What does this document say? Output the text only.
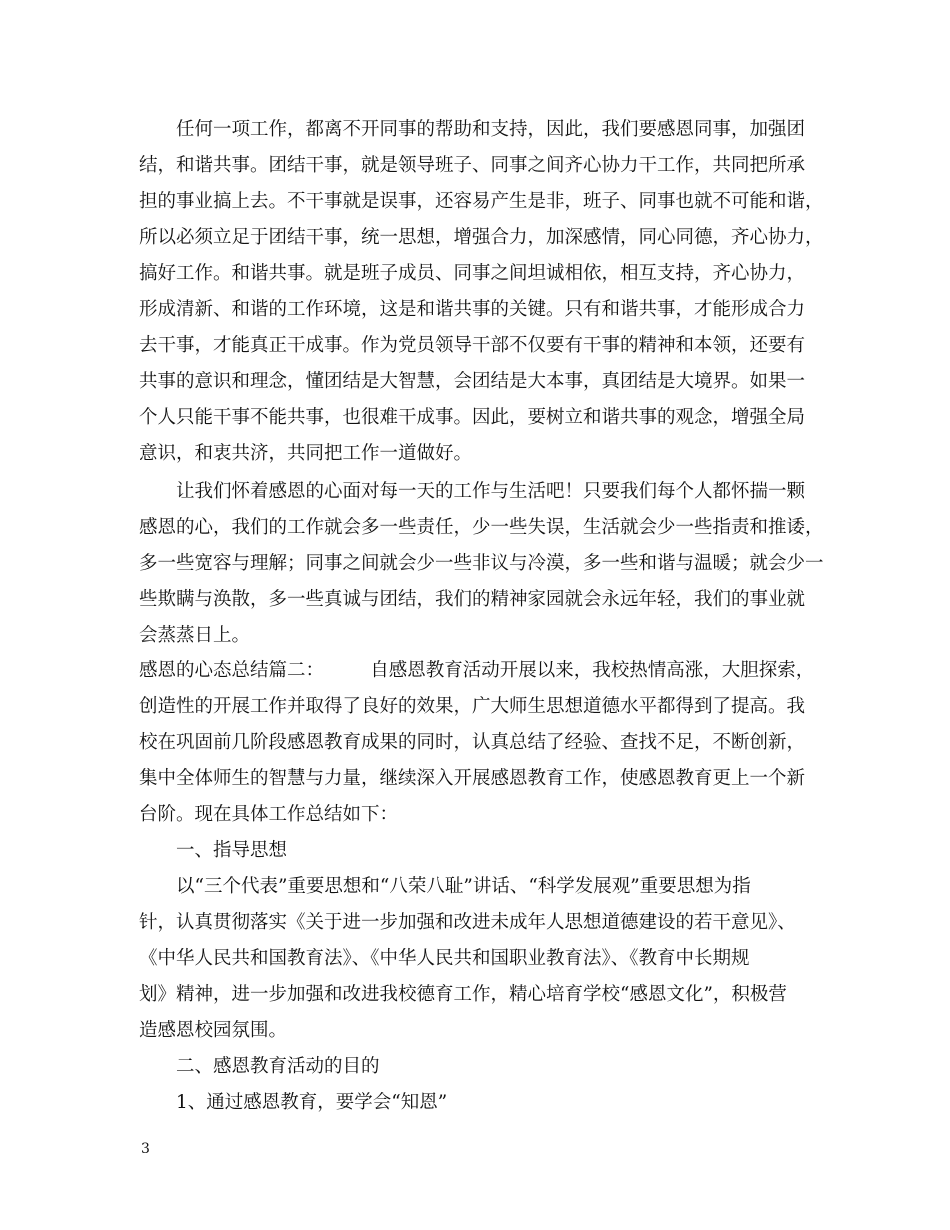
任何一项工作，都离不开同事的帮助和支持，因此，我们要感恩同事，加强团
结，和谐共事。团结干事，就是领导班子、同事之间齐心协力干工作，共同把所承
担的事业搞上去。不干事就是误事，还容易产生是非，班子、同事也就不可能和谐，
所以必须立足于团结干事，统一思想，增强合力，加深感情，同心同德，齐心协力，
搞好工作。和谐共事。就是班子成员、同事之间坦诚相依，相互支持，齐心协力，
形成清新、和谐的工作环境，这是和谐共事的关键。只有和谐共事，才能形成合力
去干事，才能真正干成事。作为党员领导干部不仅要有干事的精神和本领，还要有
共事的意识和理念，懂团结是大智慧，会团结是大本事，真团结是大境界。如果一
个人只能干事不能共事，也很难干成事。因此，要树立和谐共事的观念，增强全局
意识，和衷共济，共同把工作一道做好。
让我们怀着感恩的心面对每一天的工作与生活吧！只要我们每个人都怀揣一颗
感恩的心，我们的工作就会多一些责任，少一些失误，生活就会少一些指责和推诿，
多一些宽容与理解；同事之间就会少一些非议与冷漠，多一些和谐与温暖；就会少一
些欺瞒与涣散，多一些真诚与团结，我们的精神家园就会永远年轻，我们的事业就
会蒸蒸日上。
感恩的心态总结篇二：　　　自感恩教育活动开展以来，我校热情高涨，大胆探索，
创造性的开展工作并取得了良好的效果，广大师生思想道德水平都得到了提高。我
校在巩固前几阶段感恩教育成果的同时，认真总结了经验、查找不足，不断创新，
集中全体师生的智慧与力量，继续深入开展感恩教育工作，使感恩教育更上一个新
台阶。现在具体工作总结如下：
一、指导思想
以“三个代表”重要思想和“八荣八耻”讲话、“科学发展观”重要思想为指
针，认真贯彻落实《关于进一步加强和改进未成年人思想道德建设的若干意见》、
《中华人民共和国教育法》、《中华人民共和国职业教育法》、《教育中长期规
划》精神，进一步加强和改进我校德育工作，精心培育学校“感恩文化”，积极营
造感恩校园氛围。
二、感恩教育活动的目的
1、通过感恩教育，要学会“知恩”
3
